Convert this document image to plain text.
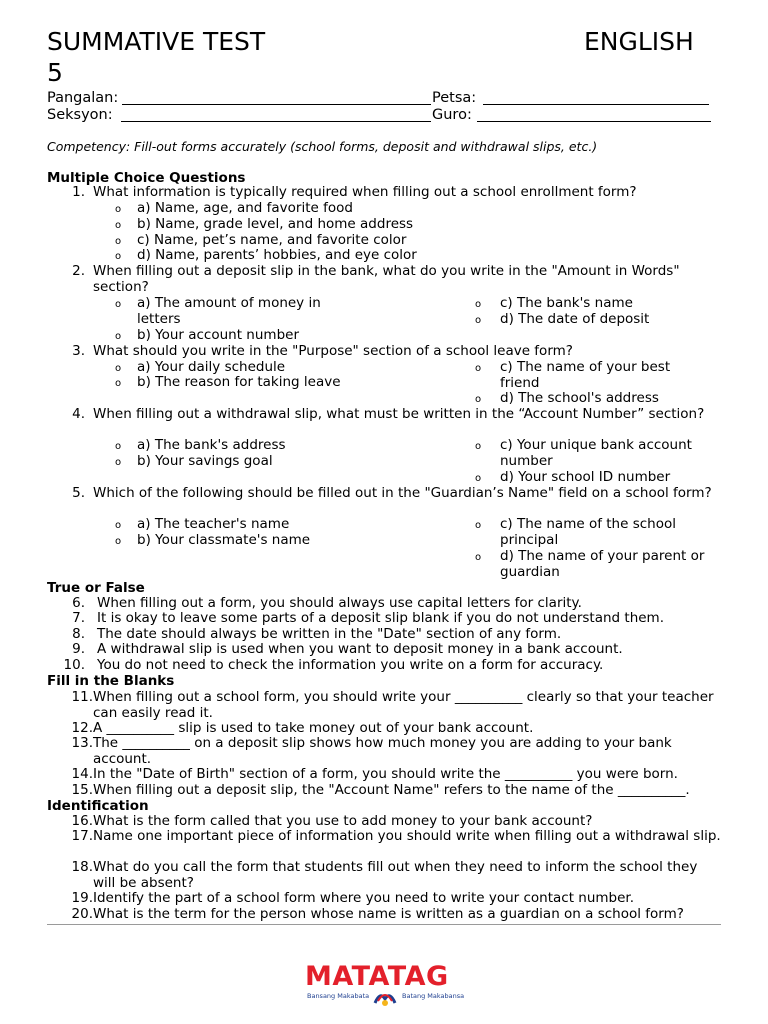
SUMMATIVE TEST	ENGLISH
5
Pangalan:	Petsa:
Seksyon:	Guro:
Competency: Fill-out forms accurately (school forms, deposit and withdrawal slips, etc.)
Multiple Choice Questions
1. What information is typically required when filling out a school enrollment form?
o a) Name, age, and favorite food
o b) Name, grade level, and home address
o c) Name, pet’s name, and favorite color
o d) Name, parents’ hobbies, and eye color
2. When filling out a deposit slip in the bank, what do you write in the "Amount in Words" section?
o a) The amount of money in letters
o b) Your account number
o c) The bank's name
o d) The date of deposit
3. What should you write in the "Purpose" section of a school leave form?
o a) Your daily schedule
o b) The reason for taking leave
o c) The name of your best friend
o d) The school's address
4. When filling out a withdrawal slip, what must be written in the “Account Number” section?
o a) The bank's address
o b) Your savings goal
o c) Your unique bank account number
o d) Your school ID number
5. Which of the following should be filled out in the "Guardian’s Name" field on a school form?
o a) The teacher's name
o b) Your classmate's name
o c) The name of the school principal
o d) The name of your parent or guardian
True or False
6. When filling out a form, you should always use capital letters for clarity.
7. It is okay to leave some parts of a deposit slip blank if you do not understand them.
8. The date should always be written in the "Date" section of any form.
9. A withdrawal slip is used when you want to deposit money in a bank account.
10. You do not need to check the information you write on a form for accuracy.
Fill in the Blanks
11. When filling out a school form, you should write your __________ clearly so that your teacher can easily read it.
12. A __________ slip is used to take money out of your bank account.
13. The __________ on a deposit slip shows how much money you are adding to your bank account.
14. In the "Date of Birth" section of a form, you should write the __________ you were born.
15. When filling out a deposit slip, the "Account Name" refers to the name of the __________.
Identification
16. What is the form called that you use to add money to your bank account?
17. Name one important piece of information you should write when filling out a withdrawal slip.
18. What do you call the form that students fill out when they need to inform the school they will be absent?
19. Identify the part of a school form where you need to write your contact number.
20. What is the term for the person whose name is written as a guardian on a school form?
MATATAG
Bansang Makabata	Batang Makabansa
